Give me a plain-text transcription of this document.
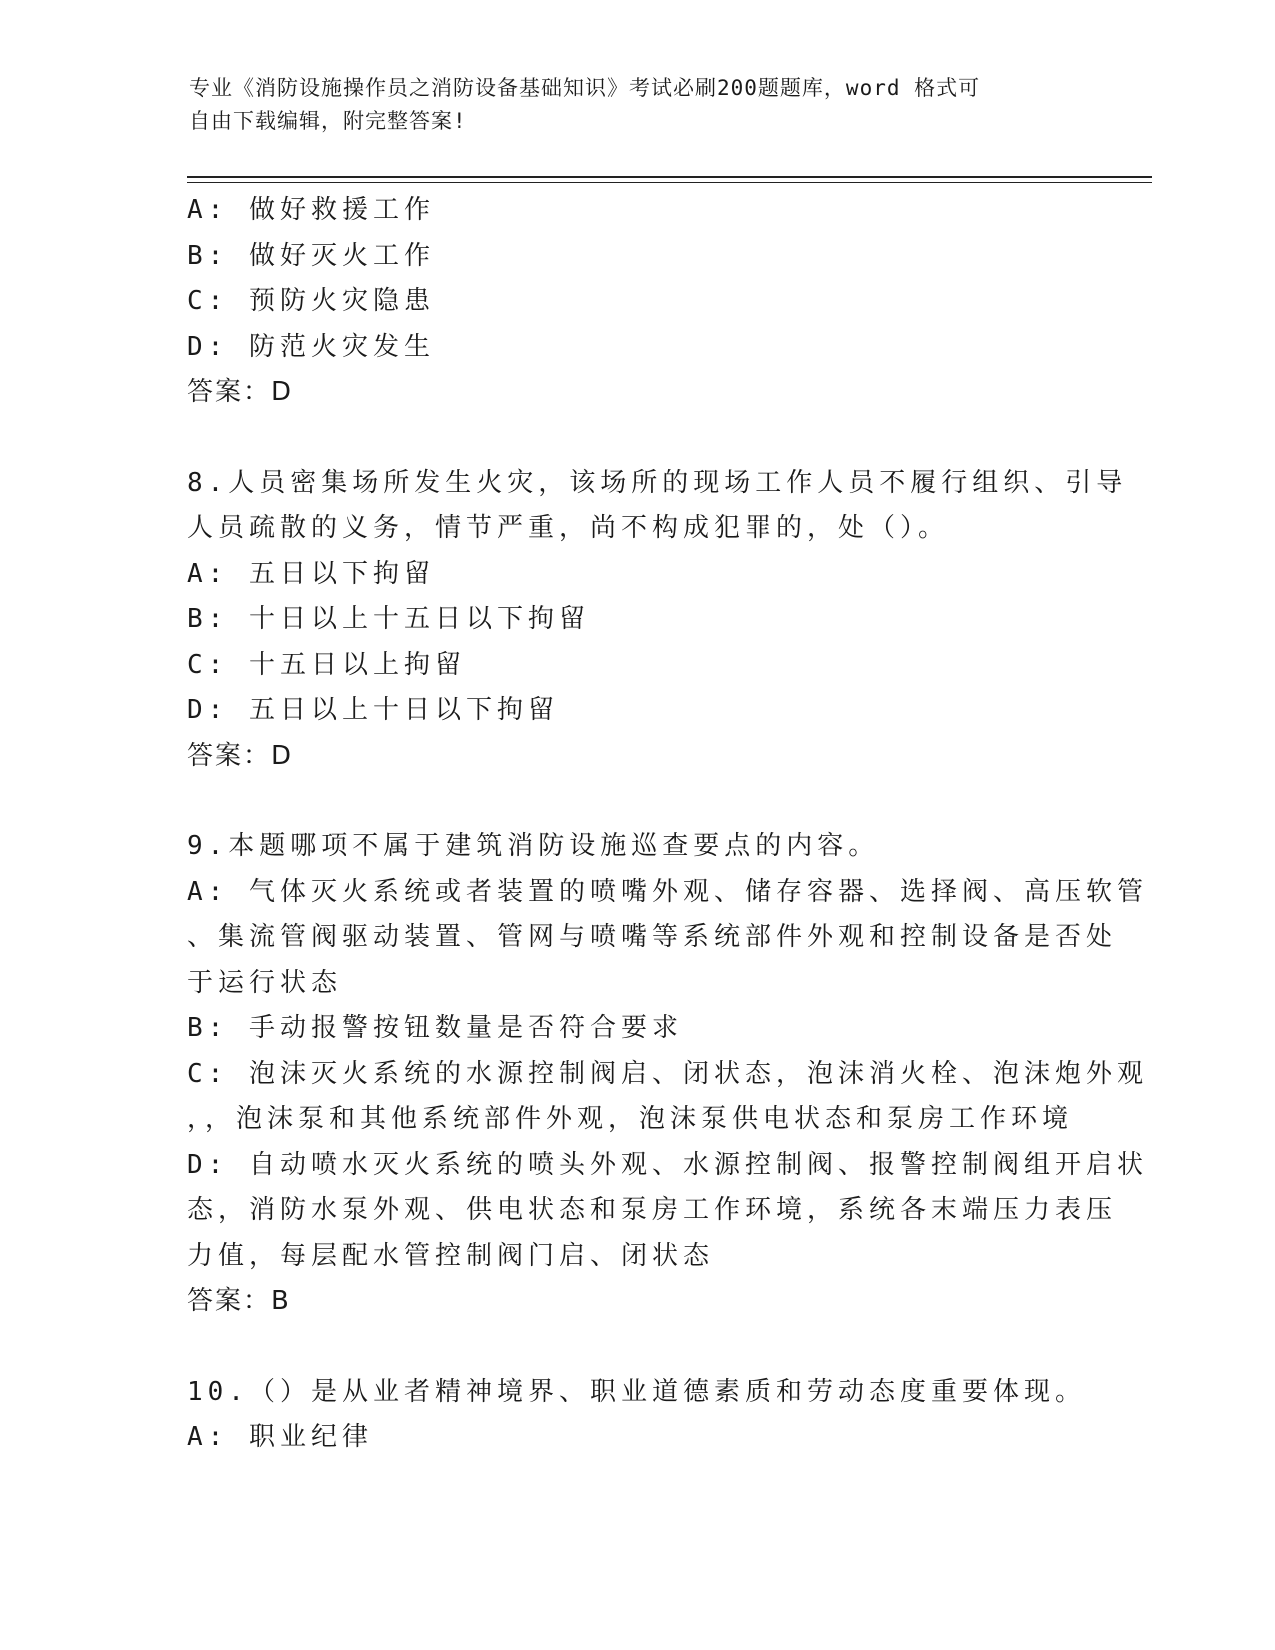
专业《消防设施操作员之消防设备基础知识》考试必刷200题题库，word 格式可
自由下载编辑，附完整答案!
A: 做好救援工作
B: 做好灭火工作
C: 预防火灾隐患
D: 防范火灾发生
答案：D
8.人员密集场所发生火灾，该场所的现场工作人员不履行组织、引导
人员疏散的义务，情节严重，尚不构成犯罪的，处（）。
A: 五日以下拘留
B: 十日以上十五日以下拘留
C: 十五日以上拘留
D: 五日以上十日以下拘留
答案：D
9.本题哪项不属于建筑消防设施巡查要点的内容。
A: 气体灭火系统或者装置的喷嘴外观、储存容器、选择阀、高压软管
、集流管阀驱动装置、管网与喷嘴等系统部件外观和控制设备是否处
于运行状态
B: 手动报警按钮数量是否符合要求
C: 泡沫灭火系统的水源控制阀启、闭状态，泡沫消火栓、泡沫炮外观
，，泡沫泵和其他系统部件外观，泡沫泵供电状态和泵房工作环境
D: 自动喷水灭火系统的喷头外观、水源控制阀、报警控制阀组开启状
态，消防水泵外观、供电状态和泵房工作环境，系统各末端压力表压
力值，每层配水管控制阀门启、闭状态
答案：B
10.（）是从业者精神境界、职业道德素质和劳动态度重要体现。
A: 职业纪律
